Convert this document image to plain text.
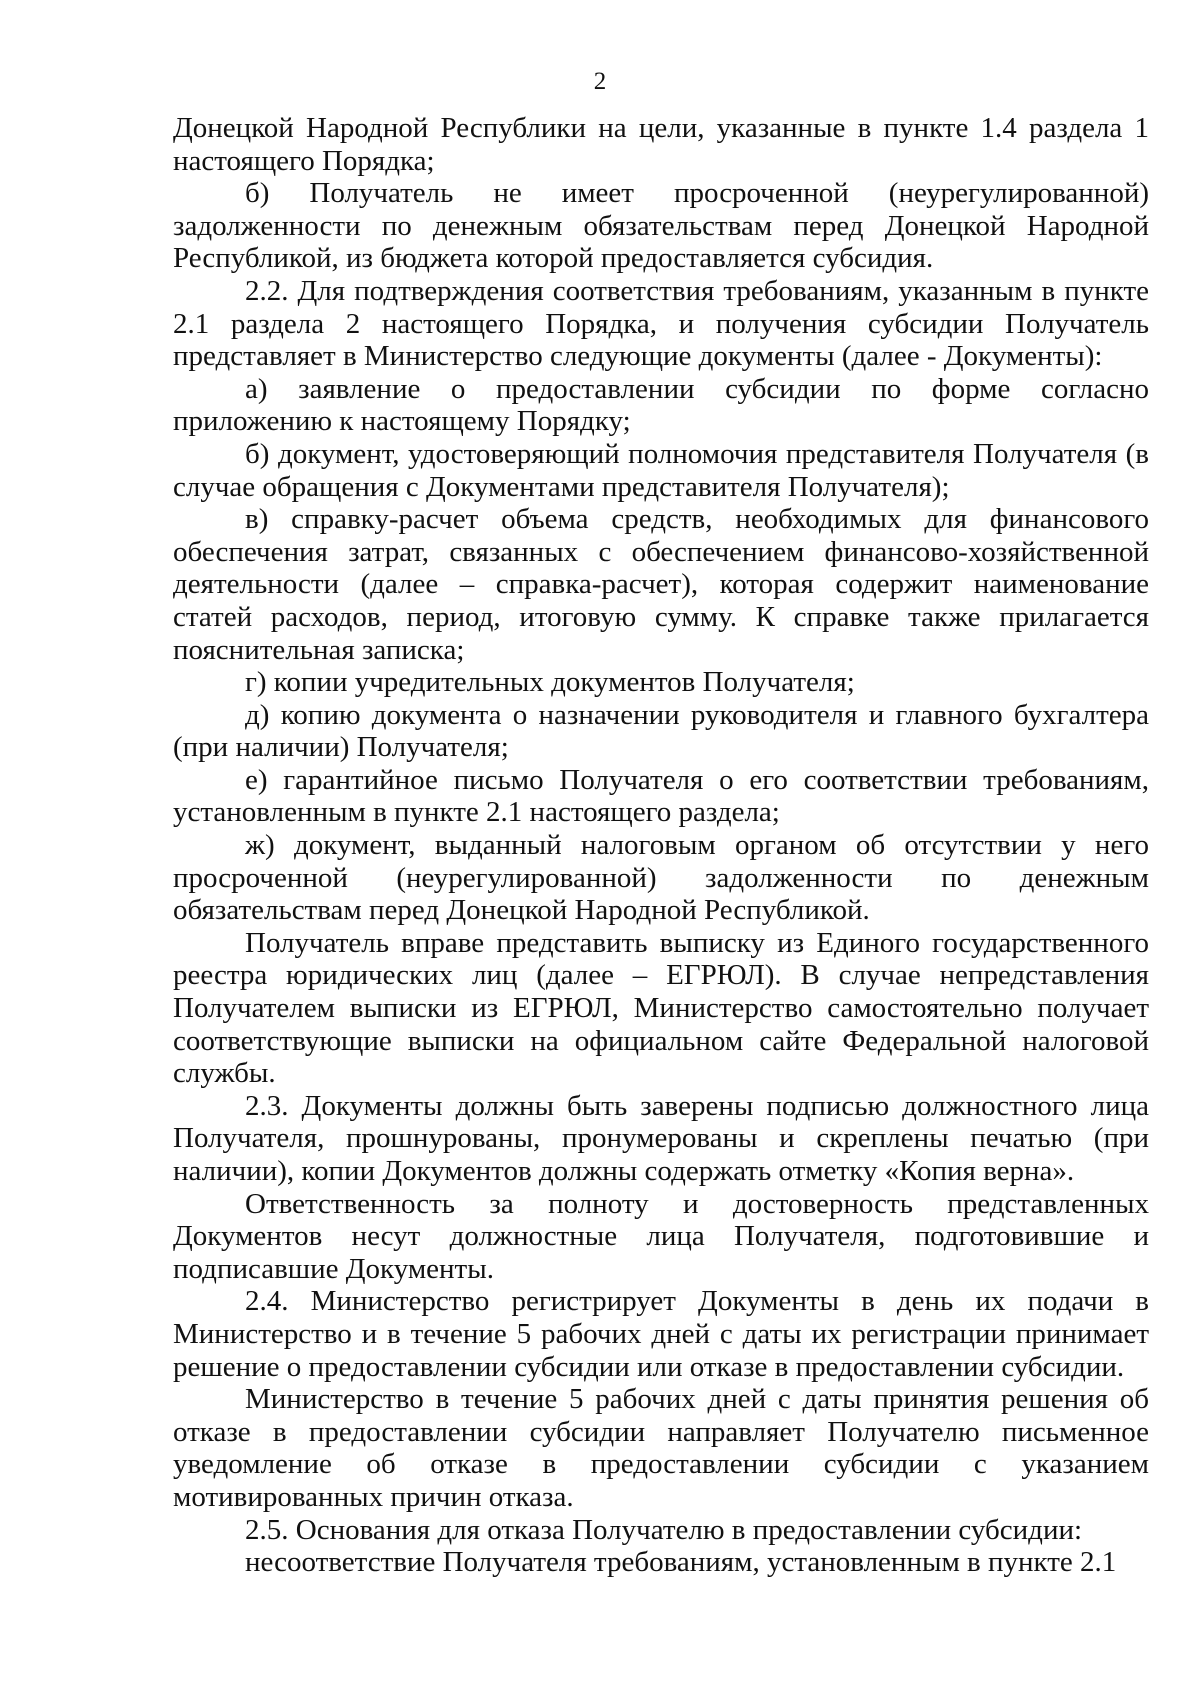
2

Донецкой Народной Республики на цели, указанные в пункте 1.4 раздела 1 настоящего Порядка;

б) Получатель не имеет просроченной (неурегулированной) задолженности по денежным обязательствам перед Донецкой Народной Республикой, из бюджета которой предоставляется субсидия.

2.2. Для подтверждения соответствия требованиям, указанным в пункте 2.1 раздела 2 настоящего Порядка, и получения субсидии Получатель представляет в Министерство следующие документы (далее - Документы):

а) заявление о предоставлении субсидии по форме согласно приложению к настоящему Порядку;

б) документ, удостоверяющий полномочия представителя Получателя (в случае обращения с Документами представителя Получателя);

в) справку-расчет объема средств, необходимых для финансового обеспечения затрат, связанных с обеспечением финансово-хозяйственной деятельности (далее – справка-расчет), которая содержит наименование статей расходов, период, итоговую сумму. К справке также прилагается пояснительная записка;

г) копии учредительных документов Получателя;

д) копию документа о назначении руководителя и главного бухгалтера (при наличии) Получателя;

е) гарантийное письмо Получателя о его соответствии требованиям, установленным в пункте 2.1 настоящего раздела;

ж) документ, выданный налоговым органом об отсутствии у него просроченной (неурегулированной) задолженности по денежным обязательствам перед Донецкой Народной Республикой.

Получатель вправе представить выписку из Единого государственного реестра юридических лиц (далее – ЕГРЮЛ). В случае непредставления Получателем выписки из ЕГРЮЛ, Министерство самостоятельно получает соответствующие выписки на официальном сайте Федеральной налоговой службы.

2.3. Документы должны быть заверены подписью должностного лица Получателя, прошнурованы, пронумерованы и скреплены печатью (при наличии), копии Документов должны содержать отметку «Копия верна».

Ответственность за полноту и достоверность представленных Документов несут должностные лица Получателя, подготовившие и подписавшие Документы.

2.4. Министерство регистрирует Документы в день их подачи в Министерство и в течение 5 рабочих дней с даты их регистрации принимает решение о предоставлении субсидии или отказе в предоставлении субсидии.

Министерство в течение 5 рабочих дней с даты принятия решения об отказе в предоставлении субсидии направляет Получателю письменное уведомление об отказе в предоставлении субсидии с указанием мотивированных причин отказа.

2.5. Основания для отказа Получателю в предоставлении субсидии:

несоответствие Получателя требованиям, установленным в пункте 2.1
